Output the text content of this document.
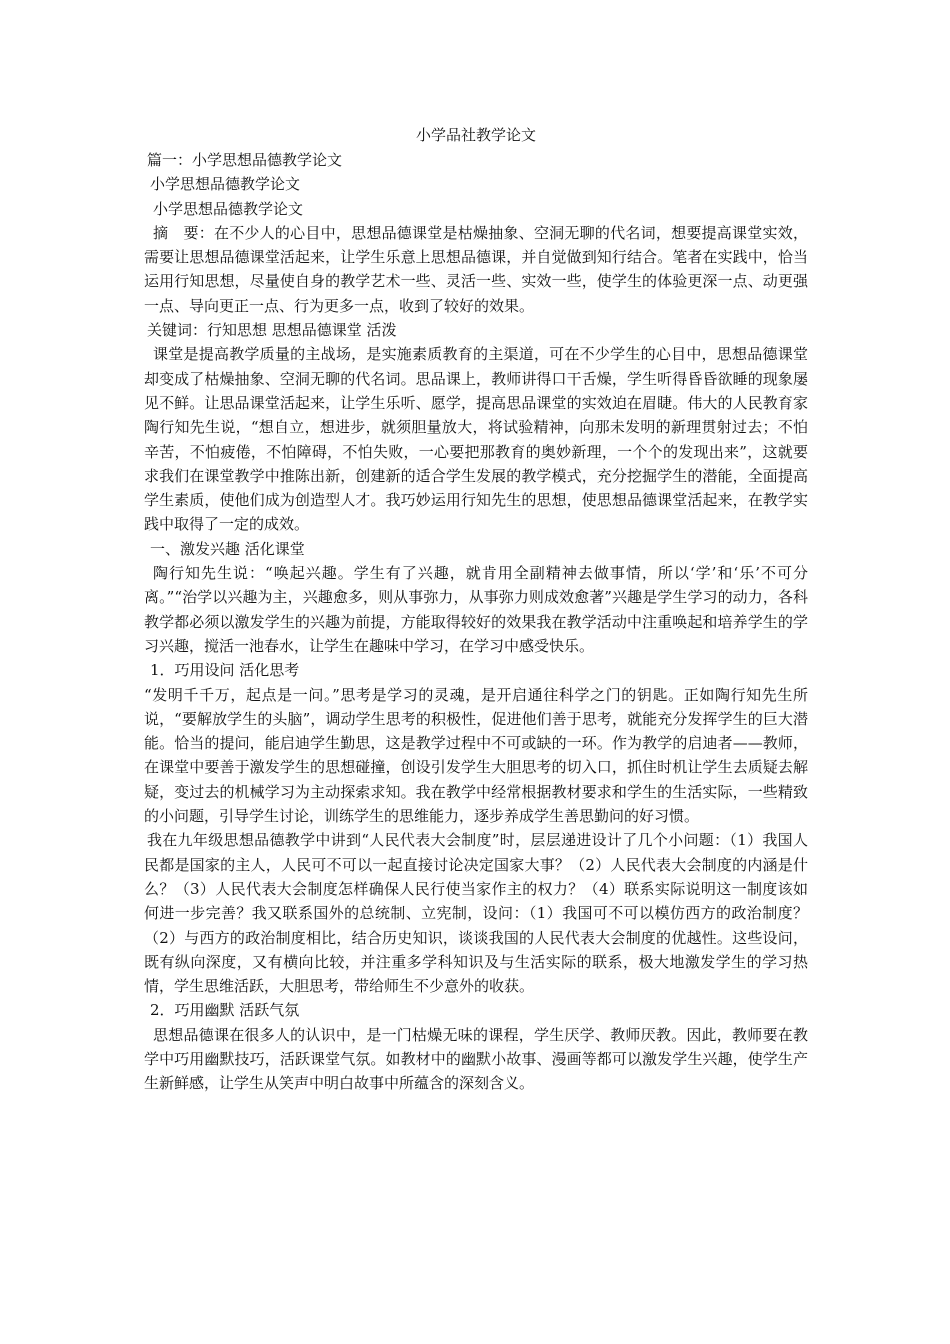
小学品社教学论文
篇一：小学思想品德教学论文
小学思想品德教学论文
小学思想品德教学论文

摘　要：在不少人的心目中，思想品德课堂是枯燥抽象、空洞无聊的代名词，想要提高课堂实效，需要让思想品德课堂活起来，让学生乐意上思想品德课，并自觉做到知行结合。笔者在实践中，恰当运用行知思想，尽量使自身的教学艺术一些、灵活一些、实效一些，使学生的体验更深一点、动更强一点、导向更正一点、行为更多一点，收到了较好的效果。

关键词：行知思想 思想品德课堂 活泼

课堂是提高教学质量的主战场，是实施素质教育的主渠道，可在不少学生的心目中，思想品德课堂却变成了枯燥抽象、空洞无聊的代名词。思品课上，教师讲得口干舌燥，学生听得昏昏欲睡的现象屡见不鲜。让思品课堂活起来，让学生乐听、愿学，提高思品课堂的实效迫在眉睫。伟大的人民教育家陶行知先生说，“想自立，想进步，就须胆量放大，将试验精神，向那未发明的新理贯射过去；不怕辛苦，不怕疲倦，不怕障碍，不怕失败，一心要把那教育的奥妙新理，一个个的发现出来”，这就要求我们在课堂教学中推陈出新，创建新的适合学生发展的教学模式，充分挖掘学生的潜能，全面提高学生素质，使他们成为创造型人才。我巧妙运用行知先生的思想，使思想品德课堂活起来，在教学实践中取得了一定的成效。

一、激发兴趣 活化课堂

陶行知先生说：“唤起兴趣。学生有了兴趣，就肯用全副精神去做事情，所以‘学’和‘乐’不可分离。”“治学以兴趣为主，兴趣愈多，则从事弥力，从事弥力则成效愈著”兴趣是学生学习的动力，各科教学都必须以激发学生的兴趣为前提，方能取得较好的效果我在教学活动中注重唤起和培养学生的学习兴趣，搅活一池春水，让学生在趣味中学习，在学习中感受快乐。

1．巧用设问 活化思考

“发明千千万，起点是一问。”思考是学习的灵魂，是开启通往科学之门的钥匙。正如陶行知先生所说，“要解放学生的头脑”，调动学生思考的积极性，促进他们善于思考，就能充分发挥学生的巨大潜能。恰当的提问，能启迪学生勤思，这是教学过程中不可或缺的一环。作为教学的启迪者——教师，在课堂中要善于激发学生的思想碰撞，创设引发学生大胆思考的切入口，抓住时机让学生去质疑去解疑，变过去的机械学习为主动探索求知。我在教学中经常根据教材要求和学生的生活实际，一些精致的小问题，引导学生讨论，训练学生的思维能力，逐步养成学生善思勤问的好习惯。

我在九年级思想品德教学中讲到“人民代表大会制度”时，层层递进设计了几个小问题：（1）我国人民都是国家的主人，人民可不可以一起直接讨论决定国家大事？（2）人民代表大会制度的内涵是什么？（3）人民代表大会制度怎样确保人民行使当家作主的权力？（4）联系实际说明这一制度该如何进一步完善？我又联系国外的总统制、立宪制，设问：（1）我国可不可以模仿西方的政治制度？（2）与西方的政治制度相比，结合历史知识，谈谈我国的人民代表大会制度的优越性。这些设问，既有纵向深度，又有横向比较，并注重多学科知识及与生活实际的联系，极大地激发学生的学习热情，学生思维活跃，大胆思考，带给师生不少意外的收获。

2．巧用幽默 活跃气氛

思想品德课在很多人的认识中，是一门枯燥无味的课程，学生厌学、教师厌教。因此，教师要在教学中巧用幽默技巧，活跃课堂气氛。如教材中的幽默小故事、漫画等都可以激发学生兴趣，使学生产生新鲜感，让学生从笑声中明白故事中所蕴含的深刻含义。
